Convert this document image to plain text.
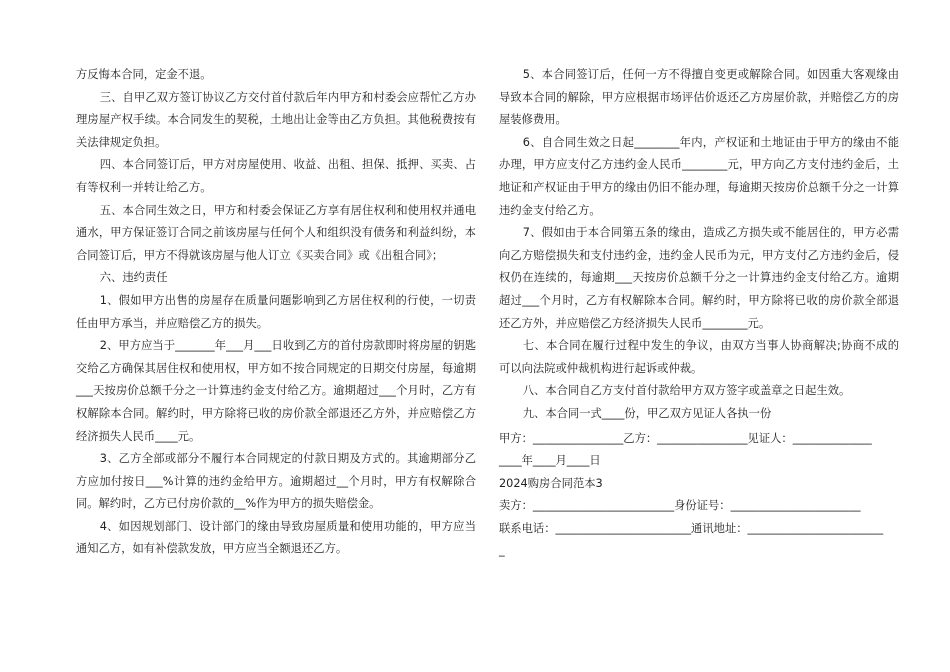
方反悔本合同，定金不退。

三、自甲乙双方签订协议乙方交付首付款后年内甲方和村委会应帮忙乙方办理房屋产权手续。本合同发生的契税，土地出让金等由乙方负担。其他税费按有关法律规定负担。

四、本合同签订后，甲方对房屋使用、收益、出租、担保、抵押、买卖、占有等权利一并转让给乙方。

五、本合同生效之日，甲方和村委会保证乙方享有居住权利和使用权并通电通水，甲方保证签订合同之前该房屋与任何个人和组织没有债务和利益纠纷，本合同签订后，甲方不得就该房屋与他人订立《买卖合同》或《出租合同》；

六、违约责任

1、假如甲方出售的房屋存在质量问题影响到乙方居住权利的行使，一切责任由甲方承当，并应赔偿乙方的损失。

2、甲方应当于_______年___月___日收到乙方的首付房款即时将房屋的钥匙交给乙方确保其居住权和使用权，甲方如不按合同规定的日期交付房屋，每逾期___天按房价总额千分之一计算违约金支付给乙方。逾期超过___个月时，乙方有权解除本合同。解约时，甲方除将已收的房价款全部退还乙方外，并应赔偿乙方经济损失人民币____元。

3、乙方全部或部分不履行本合同规定的付款日期及方式的。其逾期部分乙方应加付按日___%计算的违约金给甲方。逾期超过__个月时，甲方有权解除合同。解约时，乙方已付房价款的__%作为甲方的损失赔偿金。

4、如因规划部门、设计部门的缘由导致房屋质量和使用功能的，甲方应当通知乙方，如有补偿款发放，甲方应当全额退还乙方。

5、本合同签订后，任何一方不得擅自变更或解除合同。如因重大客观缘由导致本合同的解除，甲方应根据市场评估价返还乙方房屋价款，并赔偿乙方的房屋装修费用。

6、自合同生效之日起________年内，产权证和土地证由于甲方的缘由不能办理，甲方应支付乙方违约金人民币________元，甲方向乙方支付违约金后，土地证和产权证由于甲方的缘由仍旧不能办理，每逾期天按房价总额千分之一计算违约金支付给乙方。

7、假如由于本合同第五条的缘由，造成乙方损失或不能居住的，甲方必需向乙方赔偿损失和支付违约金，违约金人民币为元，甲方支付乙方违约金后，侵权仍在连续的，每逾期___天按房价总额千分之一计算违约金支付给乙方。逾期超过___个月时，乙方有权解除本合同。解约时，甲方除将已收的房价款全部退还乙方外，并应赔偿乙方经济损失人民币________元。

七、本合同在履行过程中发生的争议，由双方当事人协商解决;协商不成的可以向法院或仲裁机构进行起诉或仲裁。

八、本合同自乙方支付首付款给甲方双方签字或盖章之日起生效。

九、本合同一式____份，甲乙双方见证人各执一份

甲方：________________乙方：________________见证人：______________

____年____月____日

2024购房合同范本3

卖方：_________________________身份证号：_______________________

联系电话：________________________通讯地址：________________________

_
